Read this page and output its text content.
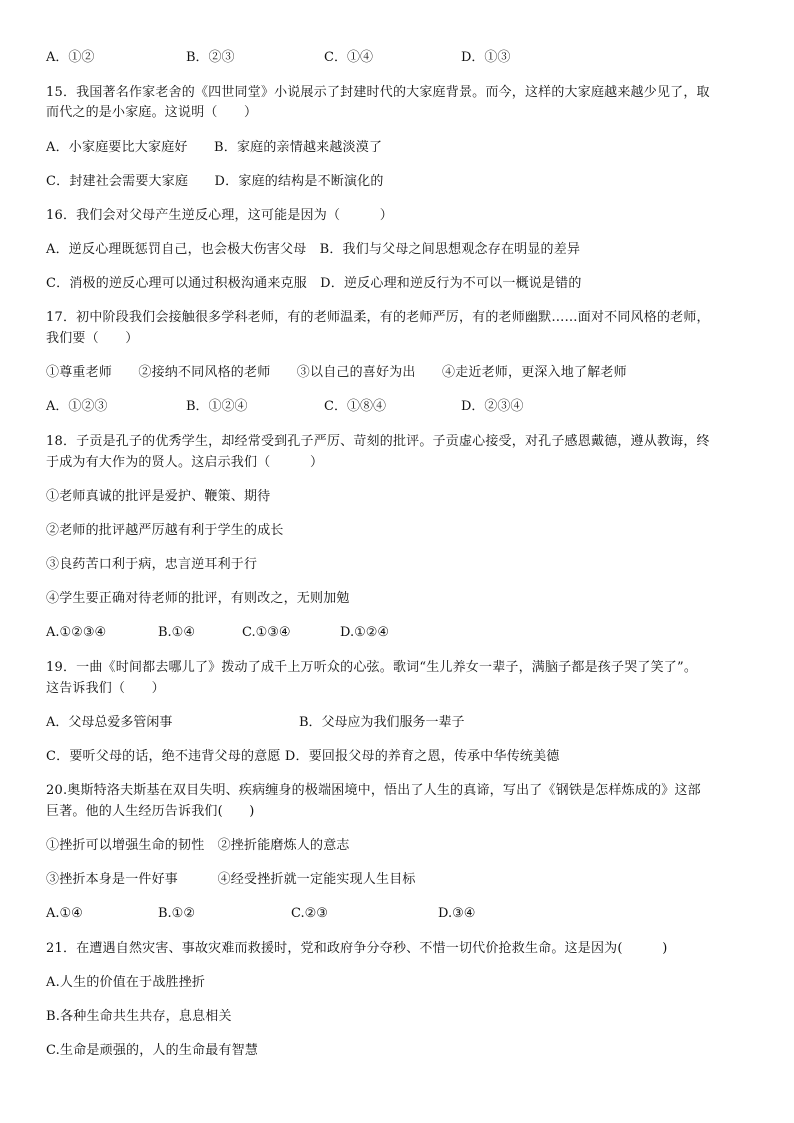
A．①②	B．②③	C．①④	D．①③
15．我国著名作家老舍的《四世同堂》小说展示了封建时代的大家庭背景。而今，这样的大家庭越来越少见了，取
而代之的是小家庭。这说明（　　）
A．小家庭要比大家庭好　　B．家庭的亲情越来越淡漠了
C．封建社会需要大家庭　　D．家庭的结构是不断演化的
16．我们会对父母产生逆反心理，这可能是因为（　　　）
A．逆反心理既惩罚自己，也会极大伤害父母　B．我们与父母之间思想观念存在明显的差异
C．消极的逆反心理可以通过积极沟通来克服　D．逆反心理和逆反行为不可以一概说是错的
17．初中阶段我们会接触很多学科老师，有的老师温柔，有的老师严厉，有的老师幽默……面对不同风格的老师，
我们要（　　）
①尊重老师　　②接纳不同风格的老师　　③以自己的喜好为出　　④走近老师，更深入地了解老师
A．①②③	B．①②④	C．①⑧④	D．②③④
18．子贡是孔子的优秀学生，却经常受到孔子严厉、苛刻的批评。子贡虚心接受，对孔子感恩戴德，遵从教诲，终
于成为有大作为的贤人。这启示我们（　　　）
①老师真诚的批评是爱护、鞭策、期待
②老师的批评越严厉越有利于学生的成长
③良药苦口利于病，忠言逆耳利于行
④学生要正确对待老师的批评，有则改之，无则加勉
A.①②③④	B.①④	C.①③④	D.①②④
19．一曲《时间都去哪儿了》拨动了成千上万听众的心弦。歌词“生儿养女一辈子，满脑子都是孩子哭了笑了”。
这告诉我们（　　）
A．父母总爱多管闲事	B．父母应为我们服务一辈子
C．要听父母的话，绝不违背父母的意愿 D．要回报父母的养育之恩，传承中华传统美德
20.奥斯特洛夫斯基在双目失明、疾病缠身的极端困境中，悟出了人生的真谛，写出了《钢铁是怎样炼成的》这部
巨著。他的人生经历告诉我们(　　)
①挫折可以增强生命的韧性　②挫折能磨炼人的意志
③挫折本身是一件好事　　　④经受挫折就一定能实现人生目标
A.①④	B.①②	C.②③	D.③④
21．在遭遇自然灾害、事故灾难而救援时，党和政府争分夺秒、不惜一切代价抢救生命。这是因为(　　　)
A.人生的价值在于战胜挫折
B.各种生命共生共存，息息相关
C.生命是顽强的，人的生命最有智慧
